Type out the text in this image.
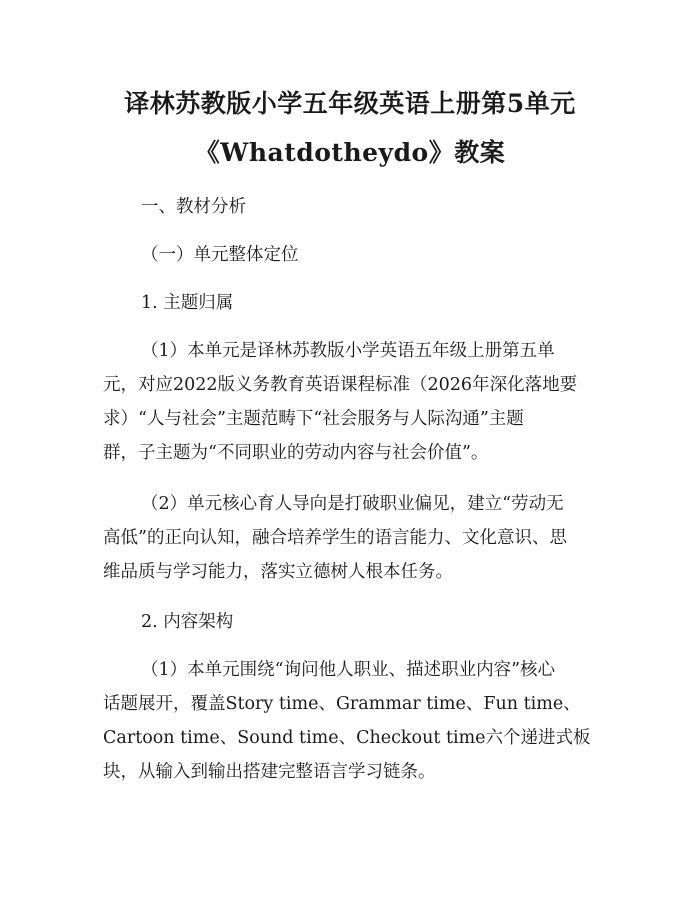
译林苏教版小学五年级英语上册第5单元
《Whatdotheydo》教案
一、教材分析
（一）单元整体定位
1. 主题归属
（1）本单元是译林苏教版小学英语五年级上册第五单
元，对应2022版义务教育英语课程标准（2026年深化落地要
求）“人与社会”主题范畴下“社会服务与人际沟通”主题
群，子主题为“不同职业的劳动内容与社会价值”。
（2）单元核心育人导向是打破职业偏见，建立“劳动无
高低”的正向认知，融合培养学生的语言能力、文化意识、思
维品质与学习能力，落实立德树人根本任务。
2. 内容架构
（1）本单元围绕“询问他人职业、描述职业内容”核心
话题展开，覆盖Story time、Grammar time、Fun time、
Cartoon time、Sound time、Checkout time六个递进式板
块，从输入到输出搭建完整语言学习链条。
